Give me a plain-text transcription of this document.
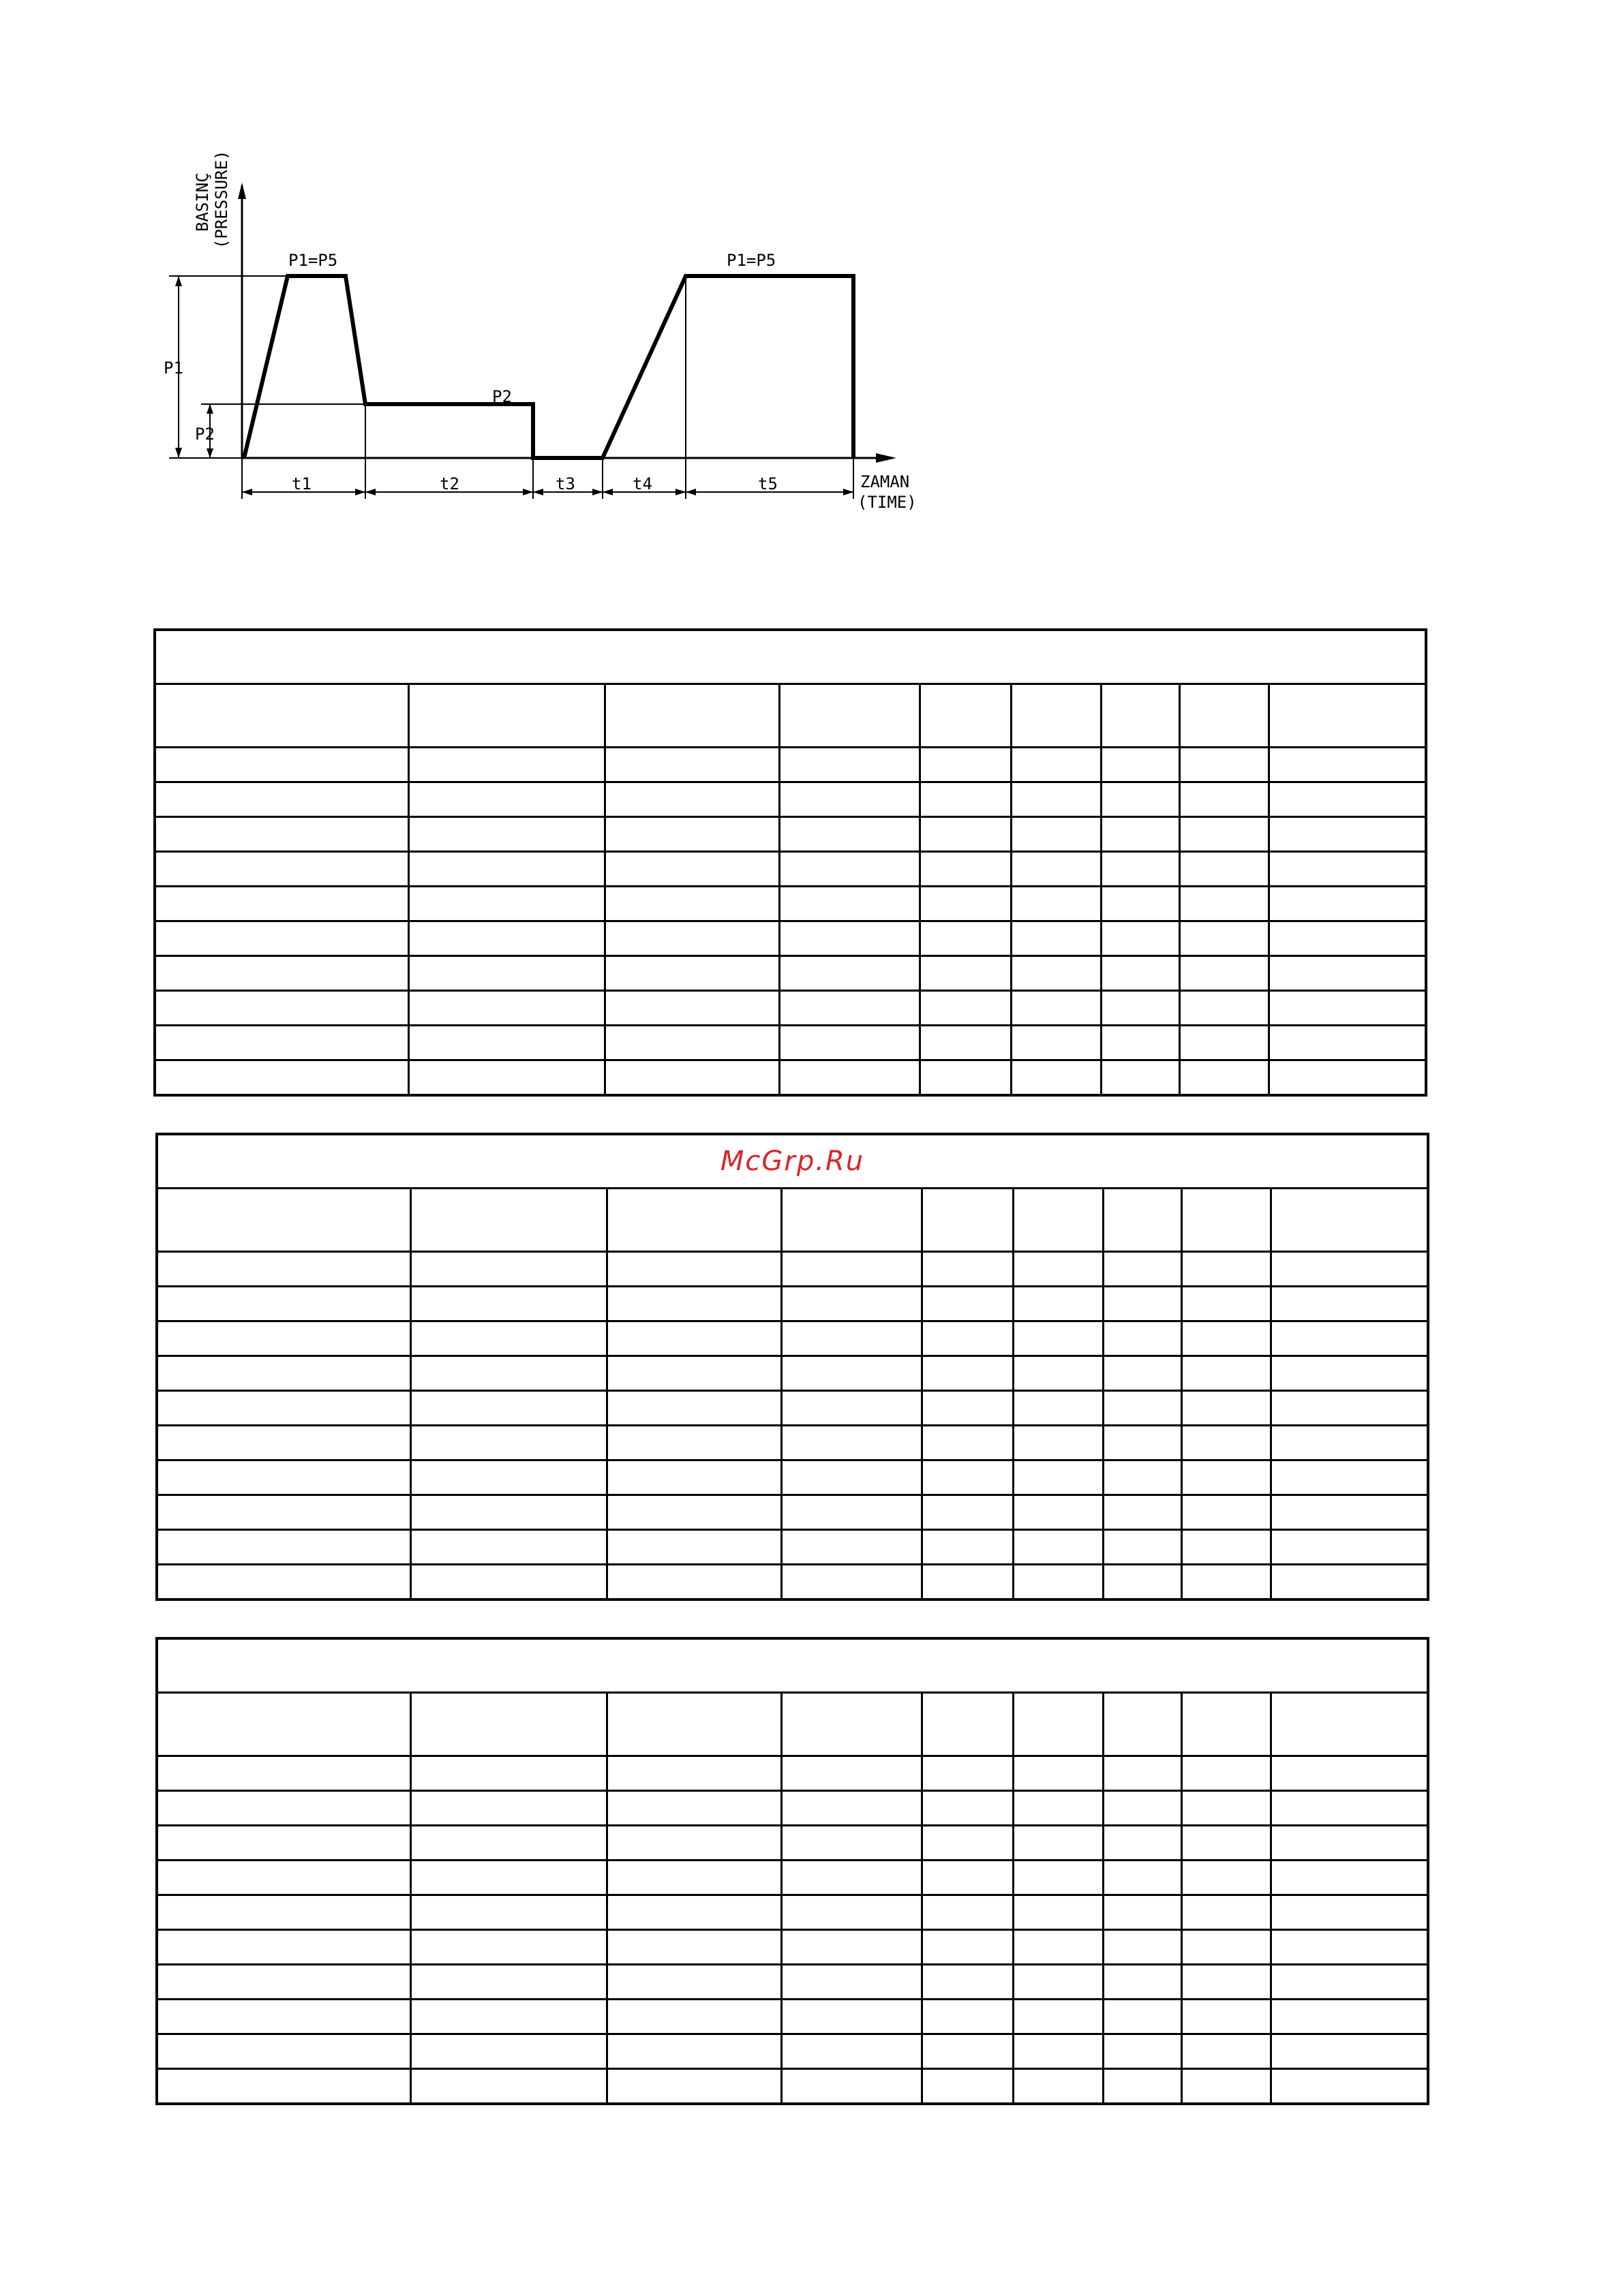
BASINÇ (PRESSURE)
ZAMAN
(TIME)
P1=P5	P1=P5
P2
P1
P2
t1	t2	t3	t4	t5

McGrp.Ru								
